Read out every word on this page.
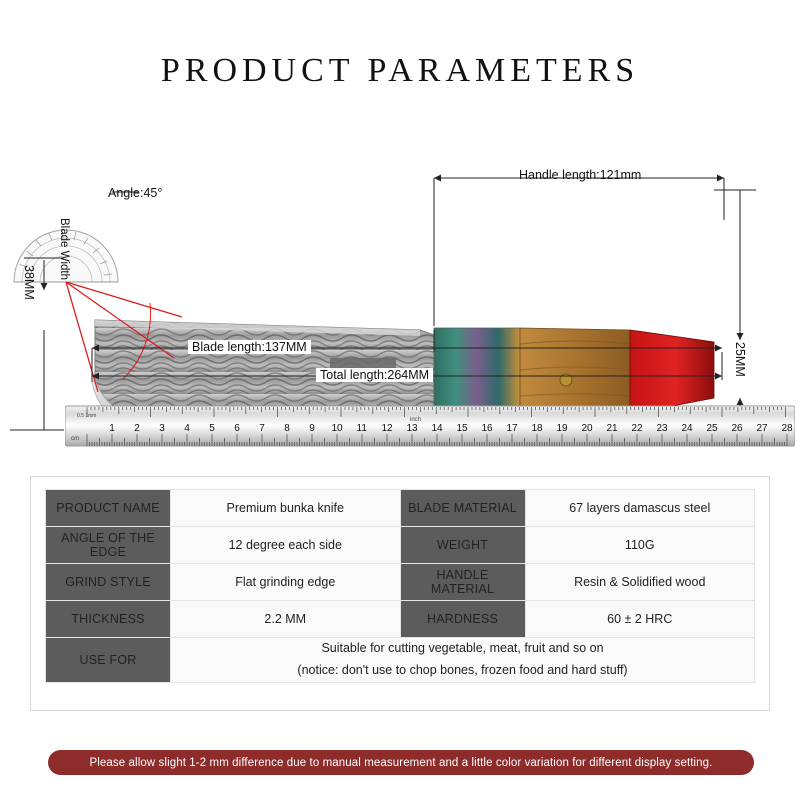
PRODUCT PARAMETERS
Angle:45°
Blade Width
38MM
Handle length:121mm
25MM
Blade length:137MM
Total length:264MM
0.5 1mm
inch
cm
1 2 3 4 5 6 7 8 9 10 11 12 13 14 15 16 17 18 19 20 21 22 23 24 25 26 27 28
PRODUCT NAME	Premium bunka knife	BLADE MATERIAL	67 layers damascus steel
ANGLE OF THE EDGE	12 degree each side	WEIGHT	110G
GRIND STYLE	Flat grinding edge	HANDLE MATERIAL	Resin & Solidified wood
THICKNESS	2.2 MM	HARDNESS	60 ± 2 HRC
USE FOR	Suitable for cutting vegetable, meat, fruit and so on
(notice: don't use to chop bones, frozen food and hard stuff)		
Please allow slight 1-2 mm difference due to manual measurement and a little color variation for different display setting.
